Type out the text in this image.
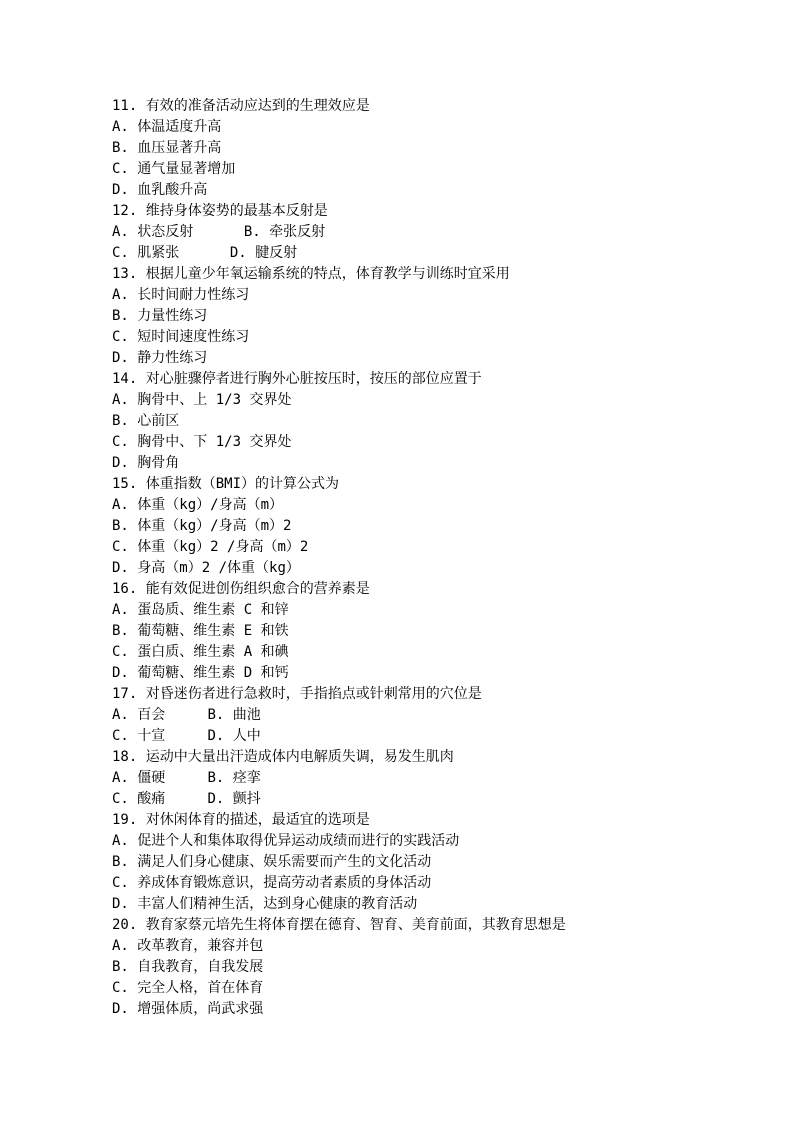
11. 有效的准备活动应达到的生理效应是
A. 体温适度升高
B. 血压显著升高
C. 通气量显著增加
D. 血乳酸升高
12. 维持身体姿势的最基本反射是
A. 状态反射	B. 牵张反射
C. 肌紧张	D. 腱反射
13. 根据儿童少年氧运输系统的特点，体育教学与训练时宜采用
A. 长时间耐力性练习
B. 力量性练习
C. 短时间速度性练习
D. 静力性练习
14. 对心脏骤停者进行胸外心脏按压时，按压的部位应置于
A. 胸骨中、上 1/3 交界处
B. 心前区
C. 胸骨中、下 1/3 交界处
D. 胸骨角
15. 体重指数（BMI）的计算公式为
A. 体重（kg）/身高（m）
B. 体重（kg）/身高（m）2
C. 体重（kg）2 /身高（m）2
D. 身高（m）2 /体重（kg）
16. 能有效促进创伤组织愈合的营养素是
A. 蛋岛质、维生素 C 和锌
B. 葡萄糖、维生素 E 和铁
C. 蛋白质、维生素 A 和碘
D. 葡萄糖、维生素 D 和钙
17. 对昏迷伤者进行急救时，手指掐点或针刺常用的穴位是
A. 百会	B. 曲池
C. 十宣	D. 人中
18. 运动中大量出汗造成体内电解质失调，易发生肌肉
A. 僵硬	B. 痉挛
C. 酸痛	D. 颤抖
19. 对休闲体育的描述，最适宜的选项是
A. 促进个人和集体取得优异运动成绩而进行的实践活动
B. 满足人们身心健康、娱乐需要而产生的文化活动
C. 养成体育锻炼意识，提高劳动者素质的身体活动
D. 丰富人们精神生活，达到身心健康的教育活动
20. 教育家蔡元培先生将体育摆在德育、智育、美育前面，其教育思想是
A. 改革教育，兼容并包
B. 自我教育，自我发展
C. 完全人格，首在体育
D. 增强体质，尚武求强
